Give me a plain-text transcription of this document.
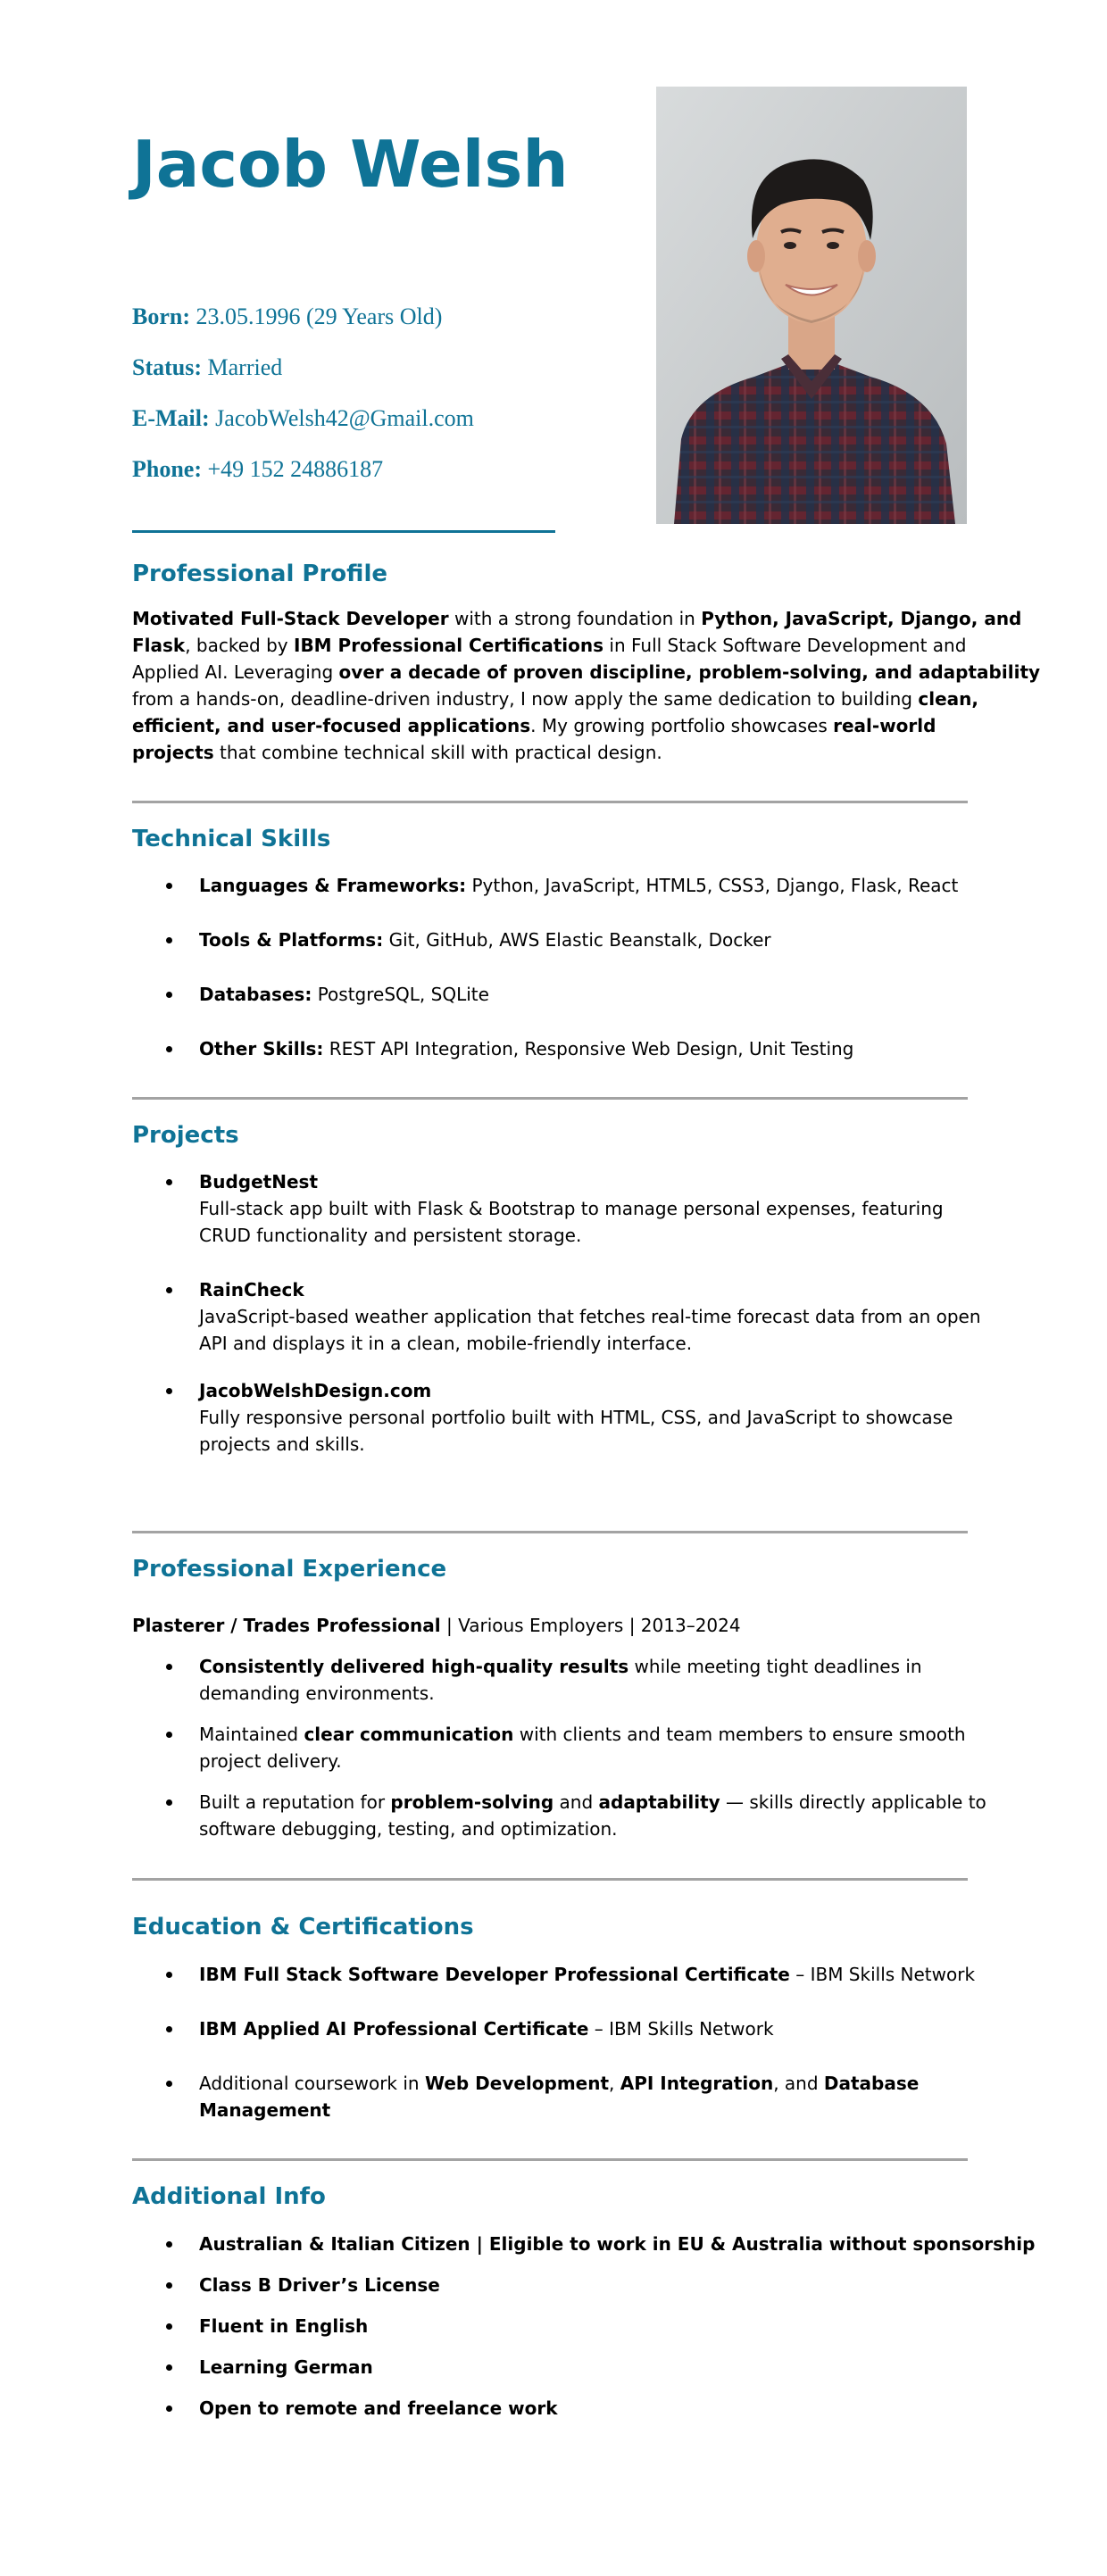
Jacob Welsh
Born: 23.05.1996 (29 Years Old)
Status: Married
E-Mail: JacobWelsh42@Gmail.com
Phone: +49 152 24886187
Professional Profile
Motivated Full-Stack Developer with a strong foundation in Python, JavaScript, Django, and
Flask, backed by IBM Professional Certifications in Full Stack Software Development and
Applied AI. Leveraging over a decade of proven discipline, problem-solving, and adaptability
from a hands-on, deadline-driven industry, I now apply the same dedication to building clean,
efficient, and user-focused applications. My growing portfolio showcases real-world
projects that combine technical skill with practical design.
Technical Skills
Languages & Frameworks: Python, JavaScript, HTML5, CSS3, Django, Flask, React
Tools & Platforms: Git, GitHub, AWS Elastic Beanstalk, Docker
Databases: PostgreSQL, SQLite
Other Skills: REST API Integration, Responsive Web Design, Unit Testing
Projects
BudgetNest
Full-stack app built with Flask & Bootstrap to manage personal expenses, featuring
CRUD functionality and persistent storage.
RainCheck
JavaScript-based weather application that fetches real-time forecast data from an open
API and displays it in a clean, mobile-friendly interface.
JacobWelshDesign.com
Fully responsive personal portfolio built with HTML, CSS, and JavaScript to showcase
projects and skills.
Professional Experience
Plasterer / Trades Professional | Various Employers | 2013–2024
Consistently delivered high-quality results while meeting tight deadlines in
demanding environments.
Maintained clear communication with clients and team members to ensure smooth
project delivery.
Built a reputation for problem-solving and adaptability — skills directly applicable to
software debugging, testing, and optimization.
Education & Certifications
IBM Full Stack Software Developer Professional Certificate – IBM Skills Network
IBM Applied AI Professional Certificate – IBM Skills Network
Additional coursework in Web Development, API Integration, and Database
Management
Additional Info
Australian & Italian Citizen | Eligible to work in EU & Australia without sponsorship
Class B Driver’s License
Fluent in English
Learning German
Open to remote and freelance work
